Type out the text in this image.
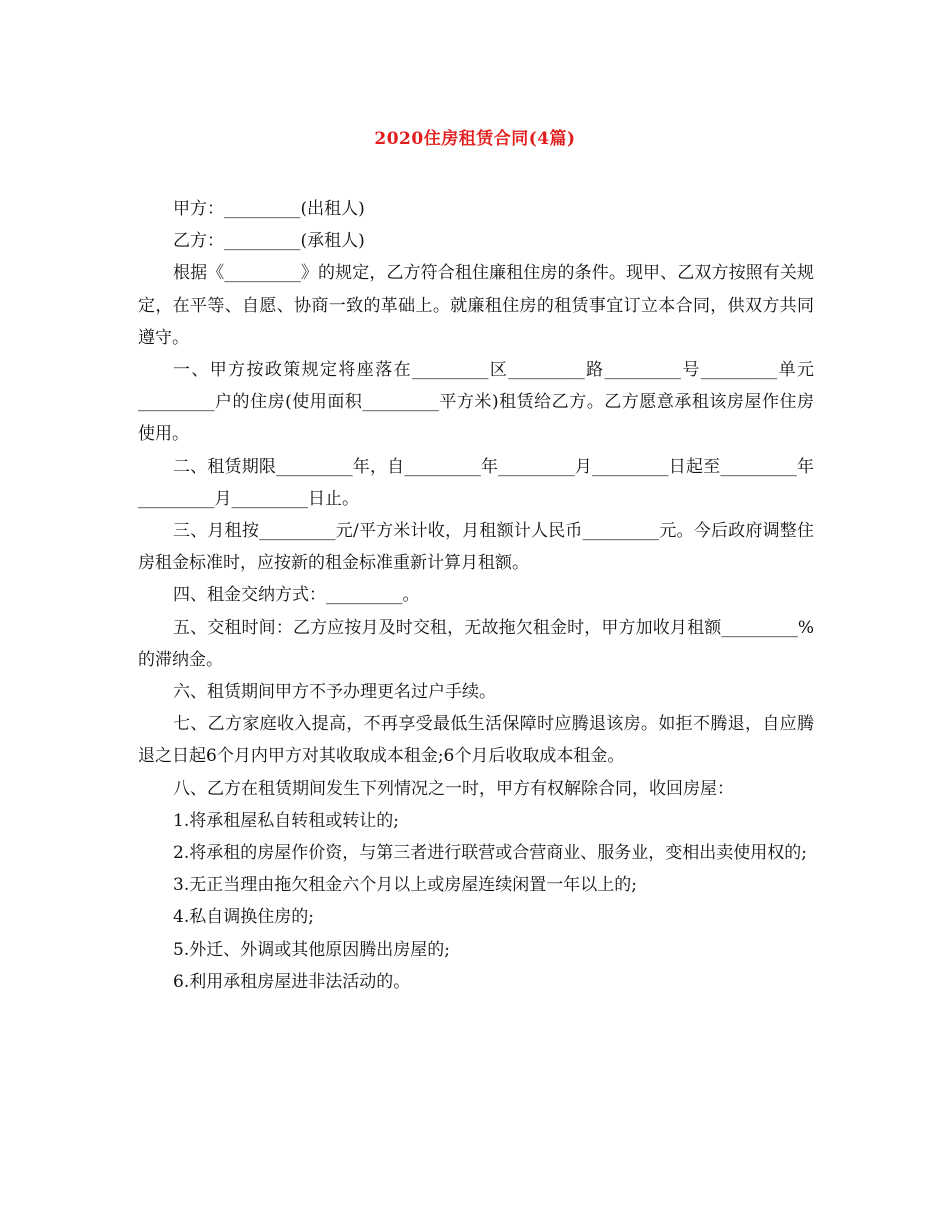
2020住房租赁合同(4篇)

甲方：_________(出租人)

乙方：_________(承租人)

根据《_________》的规定，乙方符合租住廉租住房的条件。现甲、乙双方按照有关规定，在平等、自愿、协商一致的革础上。就廉租住房的租赁事宜订立本合同，供双方共同遵守。

一、甲方按政策规定将座落在_________区_________路_________号_________单元_________户的住房(使用面积_________平方米)租赁给乙方。乙方愿意承租该房屋作住房使用。

二、租赁期限_________年，自_________年_________月_________日起至_________年_________月_________日止。

三、月租按_________元/平方米计收，月租额计人民币_________元。今后政府调整住房租金标准时，应按新的租金标准重新计算月租额。

四、租金交纳方式：_________。

五、交租时间：乙方应按月及时交租，无故拖欠租金时，甲方加收月租额_________%的滞纳金。

六、租赁期间甲方不予办理更名过户手续。

七、乙方家庭收入提高，不再享受最低生活保障时应腾退该房。如拒不腾退，自应腾退之日起6个月内甲方对其收取成本租金;6个月后收取成本租金。

八、乙方在租赁期间发生下列情况之一时，甲方有权解除合同，收回房屋：

1.将承租屋私自转租或转让的;

2.将承租的房屋作价资，与第三者进行联营或合营商业、服务业，变相出卖使用权的;

3.无正当理由拖欠租金六个月以上或房屋连续闲置一年以上的;

4.私自调换住房的;

5.外迁、外调或其他原因腾出房屋的;

6.利用承租房屋进非法活动的。
